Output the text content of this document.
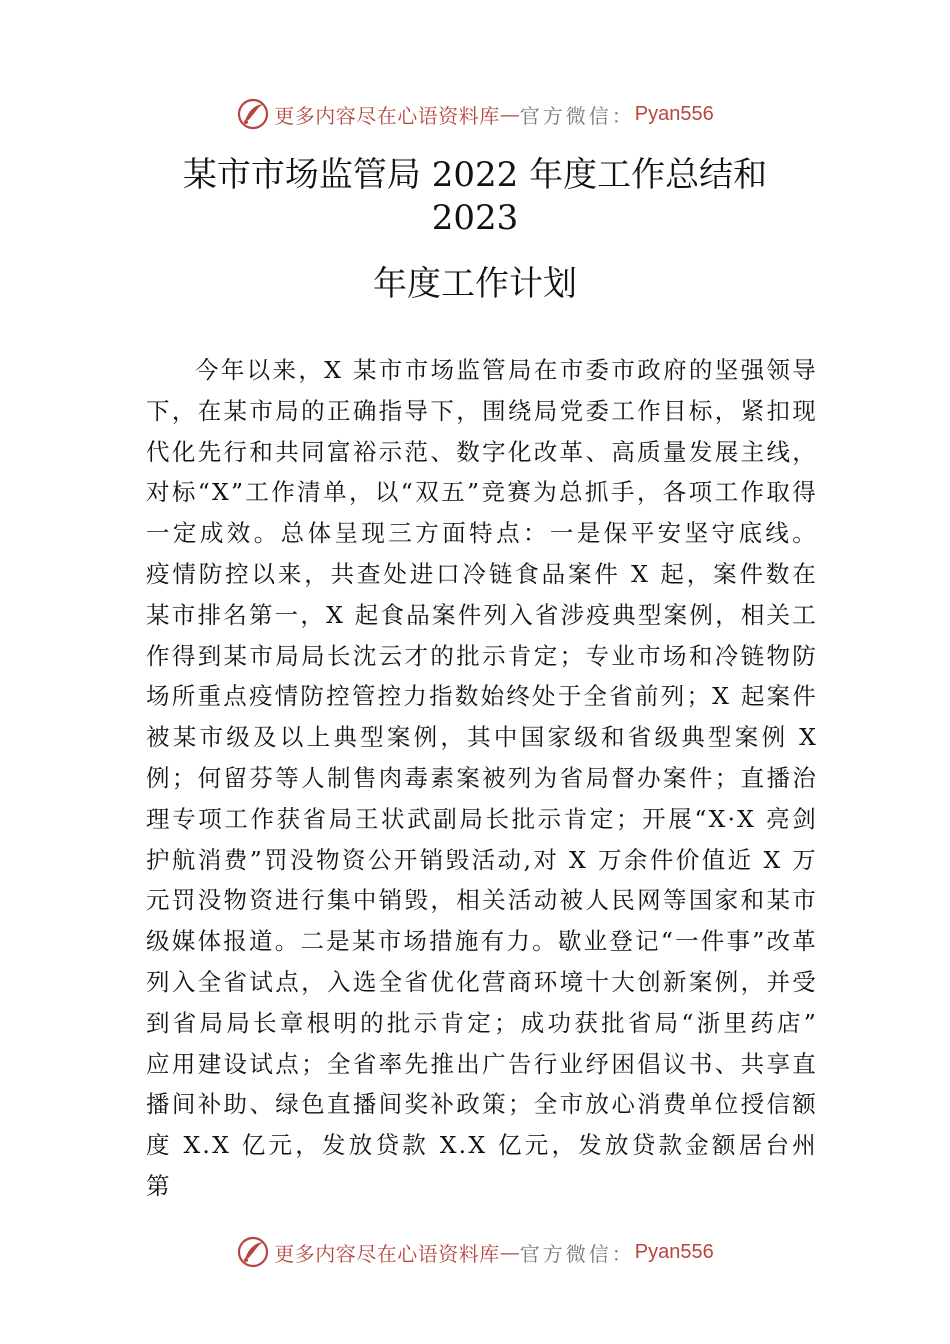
更多内容尽在心语资料库 — 官方微信： Pyan556
某市市场监管局 2022 年度工作总结和
2023
年度工作计划
今年以来，X 某市市场监管局在市委市政府的坚强领导下，在某市局的正确指导下，围绕局党委工作目标，紧扣现代化先行和共同富裕示范、数字化改革、高质量发展主线， 对标“X”工作清单，以“双五”竞赛为总抓手，各项工作取得一定成效。总体呈现三方面特点：一是保平安坚守底线。 疫情防控以来，共查处进口冷链食品案件 X 起，案件数在某市排名第一，X 起食品案件列入省涉疫典型案例，相关工作得到某市局局长沈云才的批示肯定；专业市场和冷链物防场所重点疫情防控管控力指数始终处于全省前列；X 起案件被某市级及以上典型案例，其中国家级和省级典型案例 X 例；何留芬等人制售肉毒素案被列为省局督办案件；直播治理专项工作获省局王状武副局长批示肯定；开展“X·X 亮剑护航消费”罚没物资公开销毁活动,对 X 万余件价值近 X 万元罚没物资进行集中销毁，相关活动被人民网等国家和某市级媒体报道。二是某市场措施有力。歇业登记“一件事”改革列入全省试点，入选全省优化营商环境十大创新案例，并受到省局局长章根明的批示肯定；成功获批省局“浙里药店” 应用建设试点；全省率先推出广告行业纾困倡议书、共享直播间补助、绿色直播间奖补政策；全市放心消费单位授信额度 X.X 亿元，发放贷款 X.X 亿元，发放贷款金额居台州第
更多内容尽在心语资料库 — 官方微信： Pyan556
